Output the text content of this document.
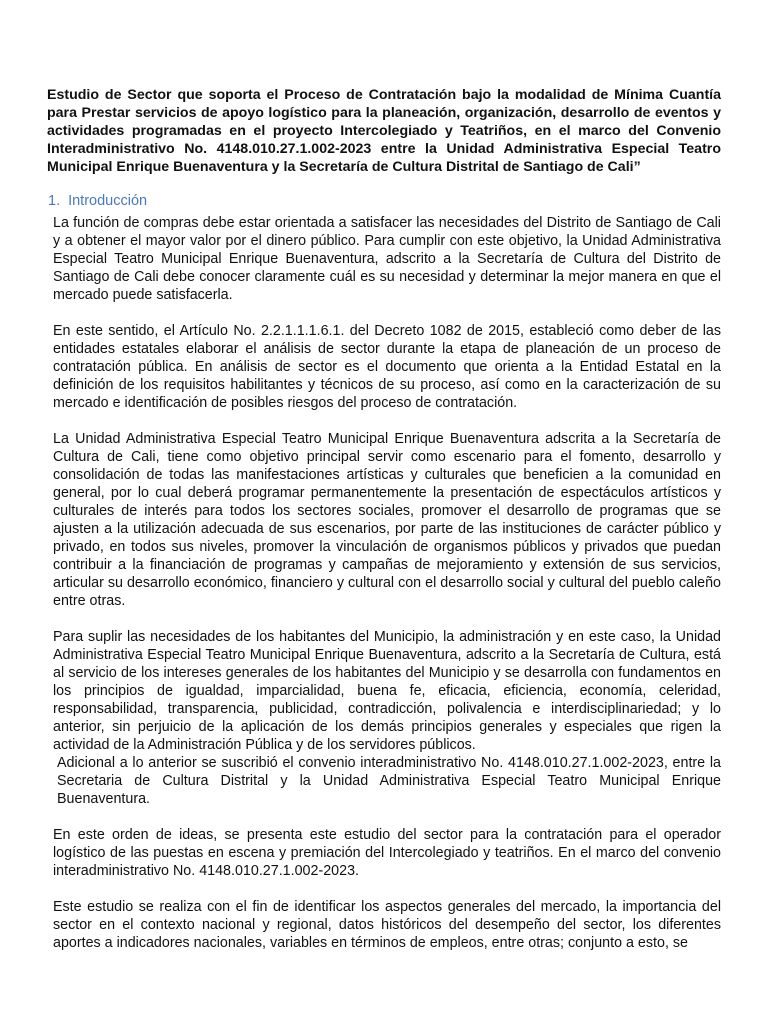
Estudio de Sector que soporta el Proceso de Contratación bajo la modalidad de Mínima Cuantía para Prestar servicios de apoyo logístico para la planeación, organización, desarrollo de eventos y actividades programadas en el proyecto Intercolegiado y Teatriños, en el marco del Convenio Interadministrativo No. 4148.010.27.1.002-2023 entre la Unidad Administrativa Especial Teatro Municipal Enrique Buenaventura y la Secretaría de Cultura Distrital de Santiago de Cali”

1. Introducción

La función de compras debe estar orientada a satisfacer las necesidades del Distrito de Santiago de Cali y a obtener el mayor valor por el dinero público. Para cumplir con este objetivo, la Unidad Administrativa Especial Teatro Municipal Enrique Buenaventura, adscrito a la Secretaría de Cultura del Distrito de Santiago de Cali debe conocer claramente cuál es su necesidad y determinar la mejor manera en que el mercado puede satisfacerla.

En este sentido, el Artículo No. 2.2.1.1.1.6.1. del Decreto 1082 de 2015, estableció como deber de las entidades estatales elaborar el análisis de sector durante la etapa de planeación de un proceso de contratación pública. En análisis de sector es el documento que orienta a la Entidad Estatal en la definición de los requisitos habilitantes y técnicos de su proceso, así como en la caracterización de su mercado e identificación de posibles riesgos del proceso de contratación.

La Unidad Administrativa Especial Teatro Municipal Enrique Buenaventura adscrita a la Secretaría de Cultura de Cali, tiene como objetivo principal servir como escenario para el fomento, desarrollo y consolidación de todas las manifestaciones artísticas y culturales que beneficien a la comunidad en general, por lo cual deberá programar permanentemente la presentación de espectáculos artísticos y culturales de interés para todos los sectores sociales, promover el desarrollo de programas que se ajusten a la utilización adecuada de sus escenarios, por parte de las instituciones de carácter público y privado, en todos sus niveles, promover la vinculación de organismos públicos y privados que puedan contribuir a la financiación de programas y campañas de mejoramiento y extensión de sus servicios, articular su desarrollo económico, financiero y cultural con el desarrollo social y cultural del pueblo caleño entre otras.

Para suplir las necesidades de los habitantes del Municipio, la administración y en este caso, la Unidad Administrativa Especial Teatro Municipal Enrique Buenaventura, adscrito a la Secretaría de Cultura, está al servicio de los intereses generales de los habitantes del Municipio y se desarrolla con fundamentos en los principios de igualdad, imparcialidad, buena fe, eficacia, eficiencia, economía, celeridad, responsabilidad, transparencia, publicidad, contradicción, polivalencia e interdisciplinariedad; y lo anterior, sin perjuicio de la aplicación de los demás principios generales y especiales que rigen la actividad de la Administración Pública y de los servidores públicos.

Adicional a lo anterior se suscribió el convenio interadministrativo No. 4148.010.27.1.002-2023, entre la Secretaria de Cultura Distrital y la Unidad Administrativa Especial Teatro Municipal Enrique Buenaventura.

En este orden de ideas, se presenta este estudio del sector para la contratación para el operador logístico de las puestas en escena y premiación del Intercolegiado y teatriños. En el marco del convenio interadministrativo No. 4148.010.27.1.002-2023.

Este estudio se realiza con el fin de identificar los aspectos generales del mercado, la importancia del sector en el contexto nacional y regional, datos históricos del desempeño del sector, los diferentes aportes a indicadores nacionales, variables en términos de empleos, entre otras; conjunto a esto, se
